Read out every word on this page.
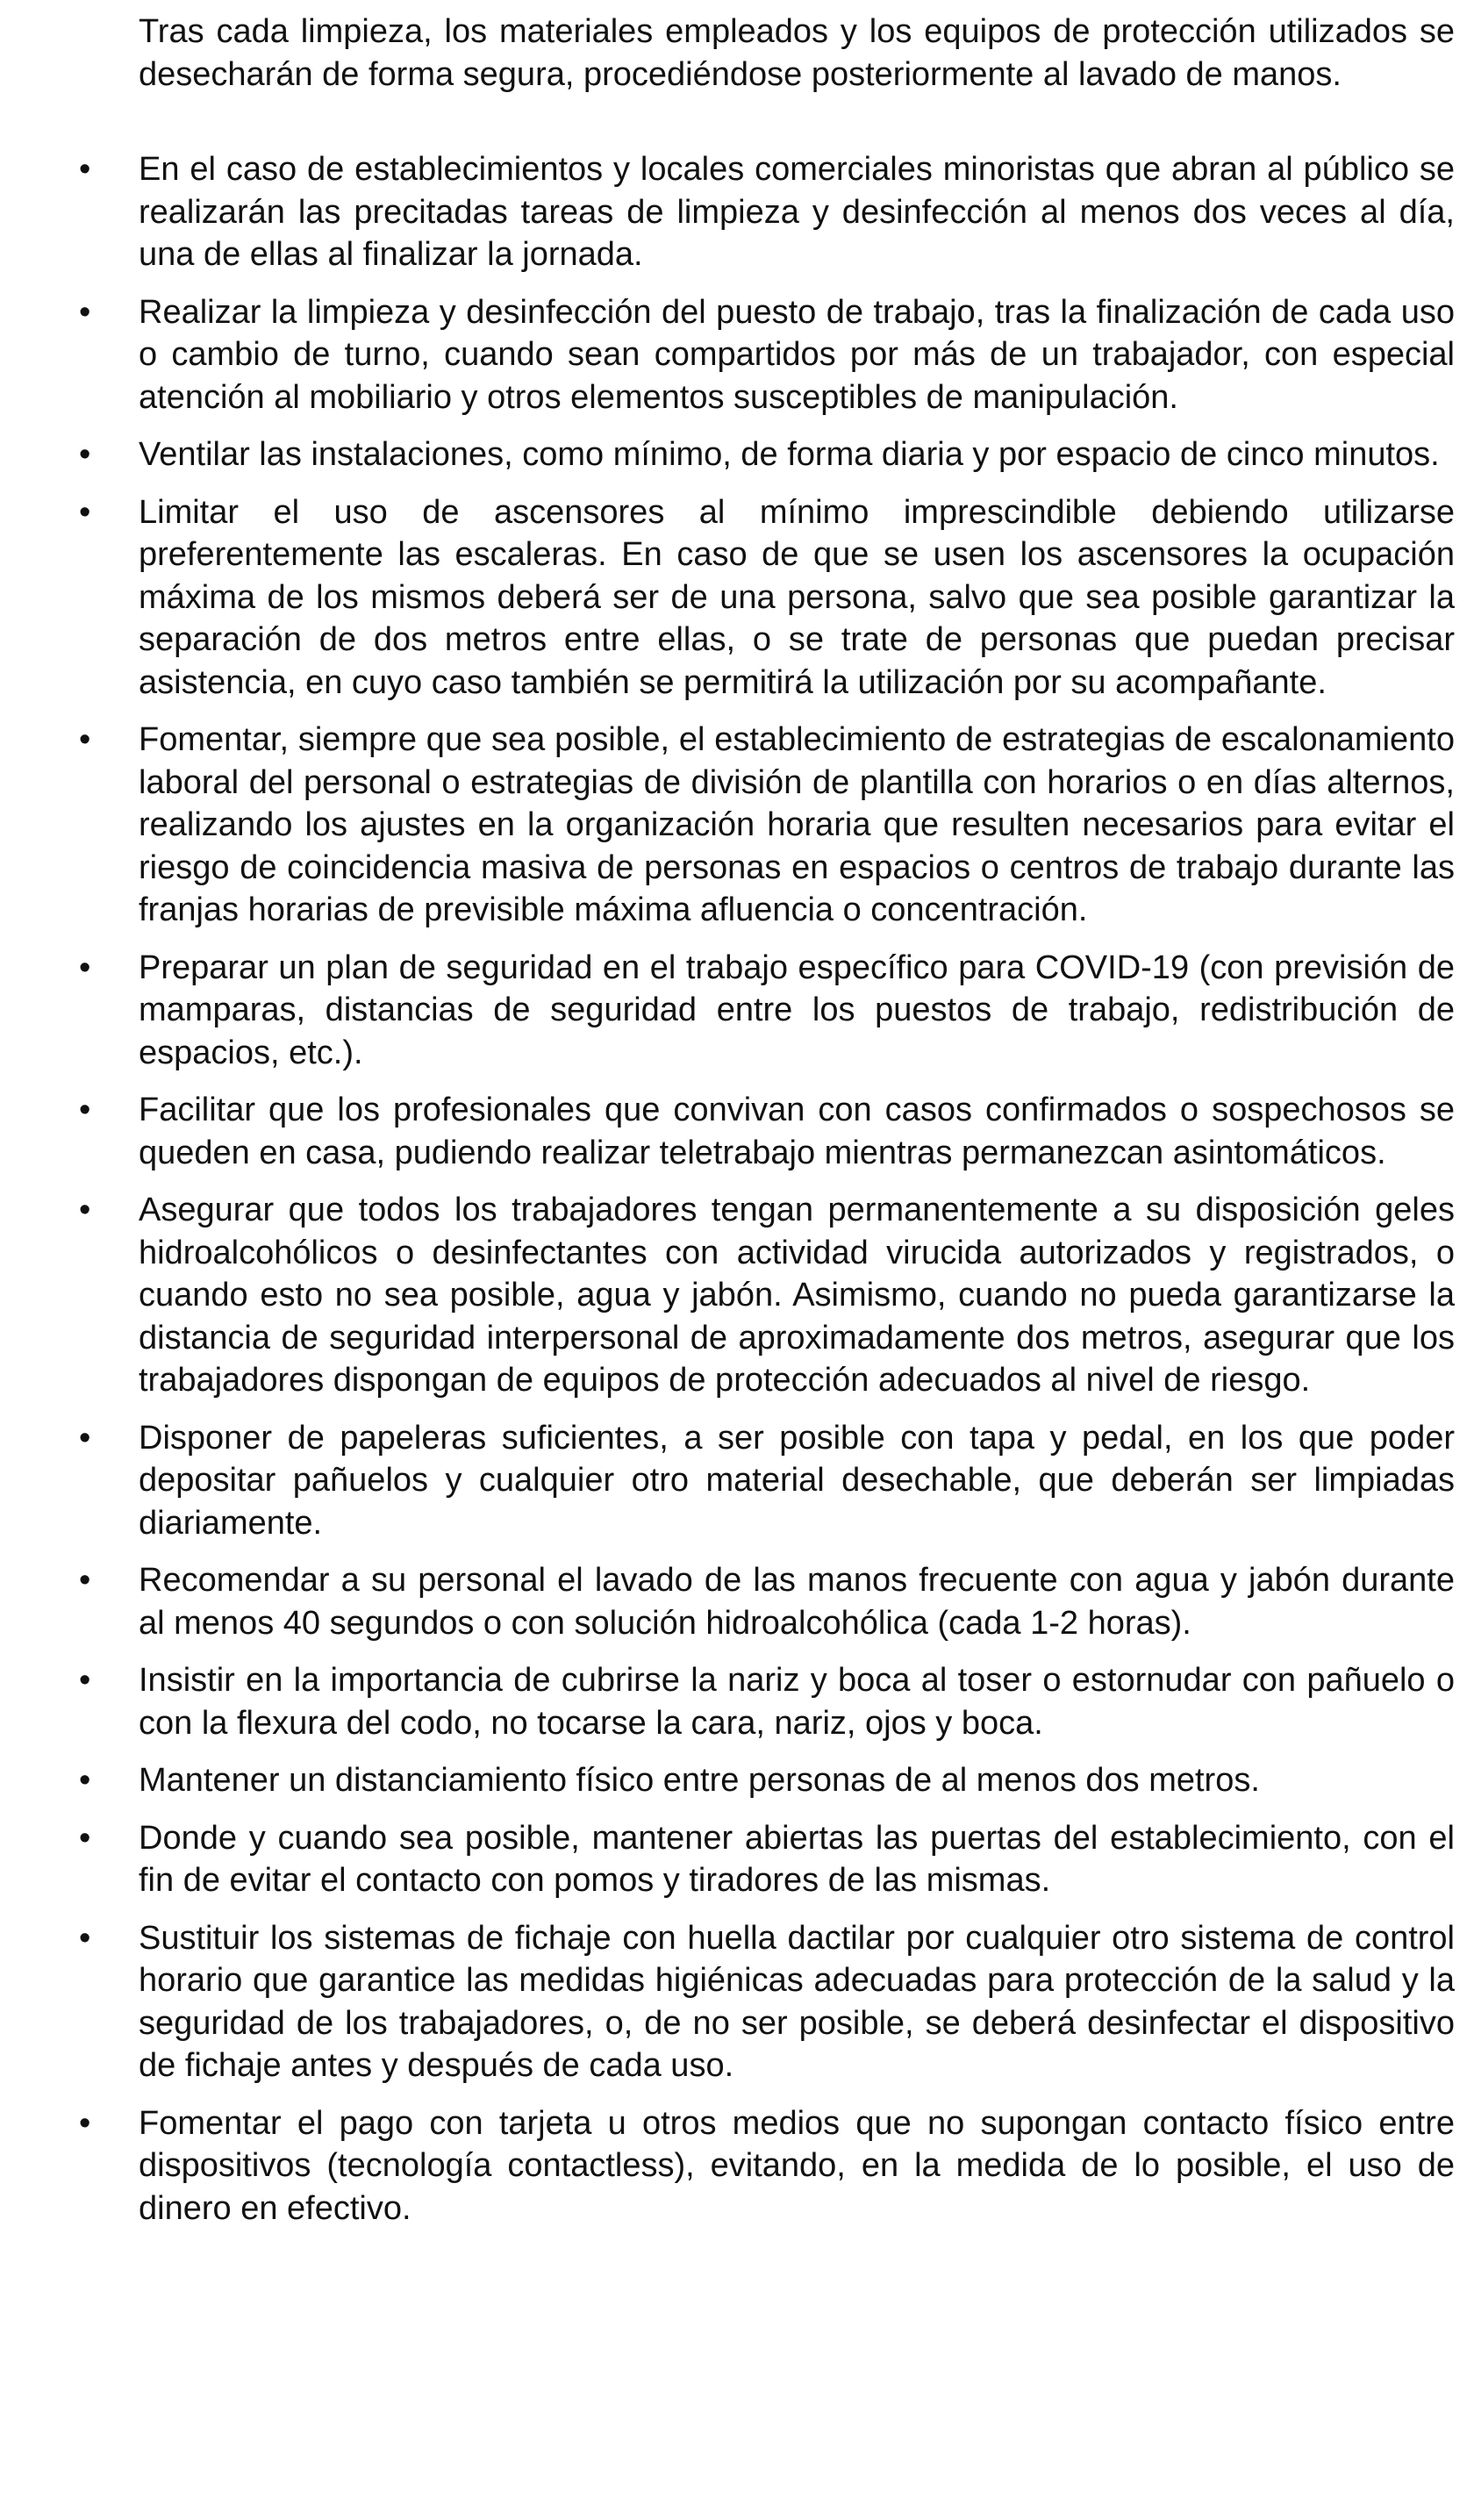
Tras cada limpieza, los materiales empleados y los equipos de protección utilizados se desecharán de forma segura, procediéndose posteriormente al lavado de manos.

• En el caso de establecimientos y locales comerciales minoristas que abran al público se realizarán las precitadas tareas de limpieza y desinfección al menos dos veces al día, una de ellas al finalizar la jornada.
• Realizar la limpieza y desinfección del puesto de trabajo, tras la finalización de cada uso o cambio de turno, cuando sean compartidos por más de un trabajador, con especial atención al mobiliario y otros elementos susceptibles de manipulación.
• Ventilar las instalaciones, como mínimo, de forma diaria y por espacio de cinco minutos.
• Limitar el uso de ascensores al mínimo imprescindible debiendo utilizarse preferentemente las escaleras. En caso de que se usen los ascensores la ocupación máxima de los mismos deberá ser de una persona, salvo que sea posible garantizar la separación de dos metros entre ellas, o se trate de personas que puedan precisar asistencia, en cuyo caso también se permitirá la utilización por su acompañante.
• Fomentar, siempre que sea posible, el establecimiento de estrategias de escalonamiento laboral del personal o estrategias de división de plantilla con horarios o en días alternos, realizando los ajustes en la organización horaria que resulten necesarios para evitar el riesgo de coincidencia masiva de personas en espacios o centros de trabajo durante las franjas horarias de previsible máxima afluencia o concentración.
• Preparar un plan de seguridad en el trabajo específico para COVID-19 (con previsión de mamparas, distancias de seguridad entre los puestos de trabajo, redistribución de espacios, etc.).
• Facilitar que los profesionales que convivan con casos confirmados o sospechosos se queden en casa, pudiendo realizar teletrabajo mientras permanezcan asintomáticos.
• Asegurar que todos los trabajadores tengan permanentemente a su disposición geles hidroalcohólicos o desinfectantes con actividad virucida autorizados y registrados, o cuando esto no sea posible, agua y jabón. Asimismo, cuando no pueda garantizarse la distancia de seguridad interpersonal de aproximadamente dos metros, asegurar que los trabajadores dispongan de equipos de protección adecuados al nivel de riesgo.
• Disponer de papeleras suficientes, a ser posible con tapa y pedal, en los que poder depositar pañuelos y cualquier otro material desechable, que deberán ser limpiadas diariamente.
• Recomendar a su personal el lavado de las manos frecuente con agua y jabón durante al menos 40 segundos o con solución hidroalcohólica (cada 1-2 horas).
• Insistir en la importancia de cubrirse la nariz y boca al toser o estornudar con pañuelo o con la flexura del codo, no tocarse la cara, nariz, ojos y boca.
• Mantener un distanciamiento físico entre personas de al menos dos metros.
• Donde y cuando sea posible, mantener abiertas las puertas del establecimiento, con el fin de evitar el contacto con pomos y tiradores de las mismas.
• Sustituir los sistemas de fichaje con huella dactilar por cualquier otro sistema de control horario que garantice las medidas higiénicas adecuadas para protección de la salud y la seguridad de los trabajadores, o, de no ser posible, se deberá desinfectar el dispositivo de fichaje antes y después de cada uso.
• Fomentar el pago con tarjeta u otros medios que no supongan contacto físico entre dispositivos (tecnología contactless), evitando, en la medida de lo posible, el uso de dinero en efectivo.
